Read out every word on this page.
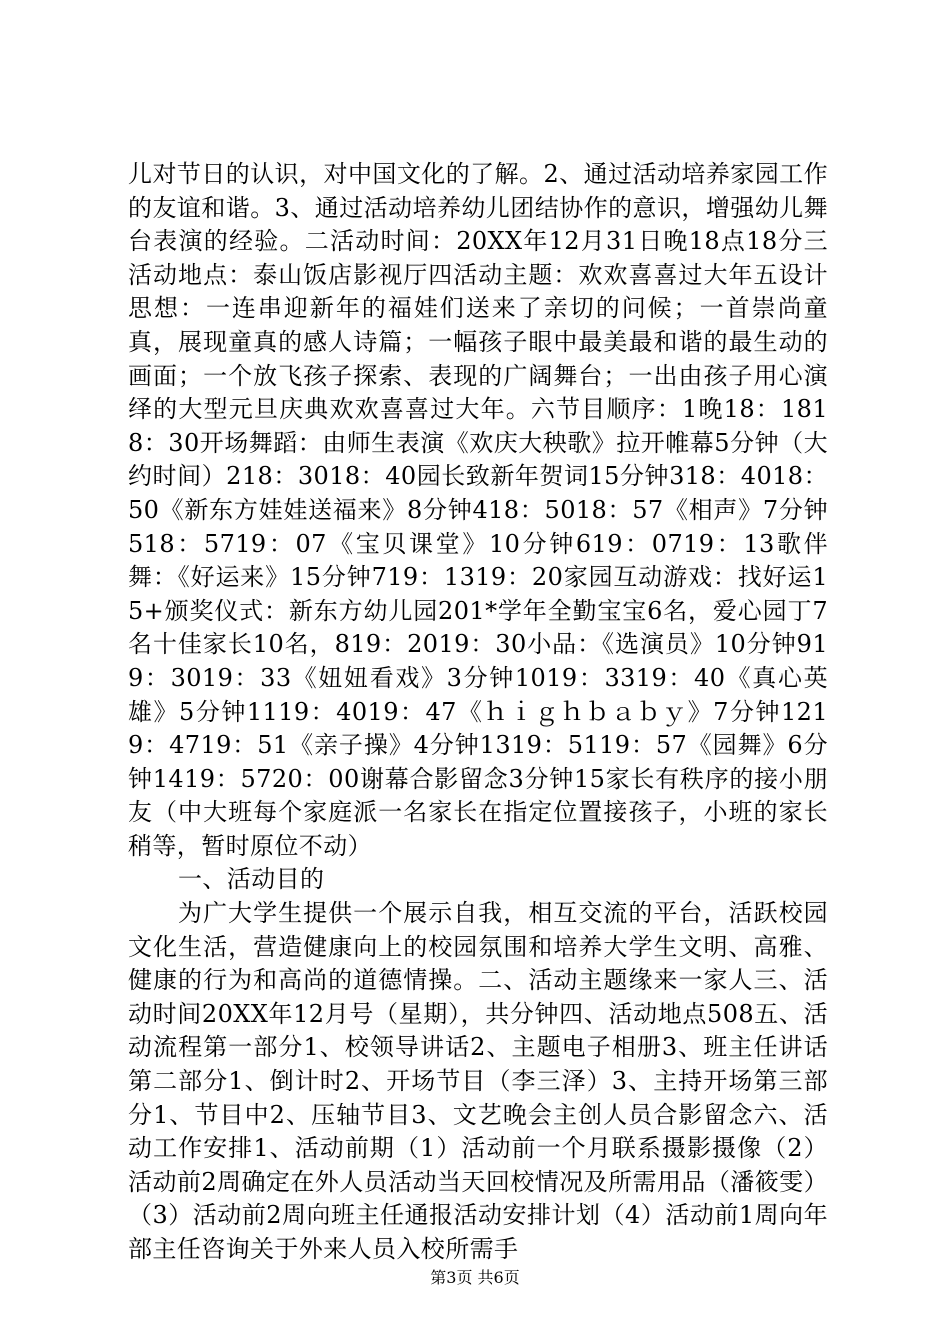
儿对节日的认识，对中国文化的了解。2、通过活动培养家园工作的友谊和谐。3、通过活动培养幼儿团结协作的意识，增强幼儿舞台表演的经验。二活动时间：20XX年12月31日晚18点18分三活动地点：泰山饭店影视厅四活动主题：欢欢喜喜过大年五设计思想：一连串迎新年的福娃们送来了亲切的问候；一首崇尚童真，展现童真的感人诗篇；一幅孩子眼中最美最和谐的最生动的画面；一个放飞孩子探索、表现的广阔舞台；一出由孩子用心演绎的大型元旦庆典欢欢喜喜过大年。六节目顺序：1晚18：1818：30开场舞蹈：由师生表演《欢庆大秧歌》拉开帷幕5分钟（大约时间）218：3018：40园长致新年贺词15分钟318：4018：50《新东方娃娃送福来》8分钟418：5018：57《相声》7分钟518：5719：07《宝贝课堂》10分钟619：0719：13歌伴舞：《好运来》15分钟719：1319：20家园互动游戏：找好运15+颁奖仪式：新东方幼儿园201*学年全勤宝宝6名，爱心园丁7名十佳家长10名，819：2019：30小品：《选演员》10分钟919：3019：33《妞妞看戏》3分钟1019：3319：40《真心英雄》5分钟1119：4019：47《ｈｉｇｈｂａｂｙ》7分钟1219：4719：51《亲子操》4分钟1319：5119：57《园舞》6分钟1419：5720：00谢幕合影留念3分钟15家长有秩序的接小朋友（中大班每个家庭派一名家长在指定位置接孩子，小班的家长稍等，暂时原位不动）

一、活动目的

为广大学生提供一个展示自我，相互交流的平台，活跃校园文化生活，营造健康向上的校园氛围和培养大学生文明、高雅、健康的行为和高尚的道德情操。二、活动主题缘来一家人三、活动时间20XX年12月号（星期），共分钟四、活动地点508五、活动流程第一部分1、校领导讲话2、主题电子相册3、班主任讲话第二部分1、倒计时2、开场节目（李三泽）3、主持开场第三部分1、节目中2、压轴节目3、文艺晚会主创人员合影留念六、活动工作安排1、活动前期（1）活动前一个月联系摄影摄像（2）活动前2周确定在外人员活动当天回校情况及所需用品（潘筱雯）（3）活动前2周向班主任通报活动安排计划（4）活动前1周向年部主任咨询关于外来人员入校所需手

第3页 共6页
